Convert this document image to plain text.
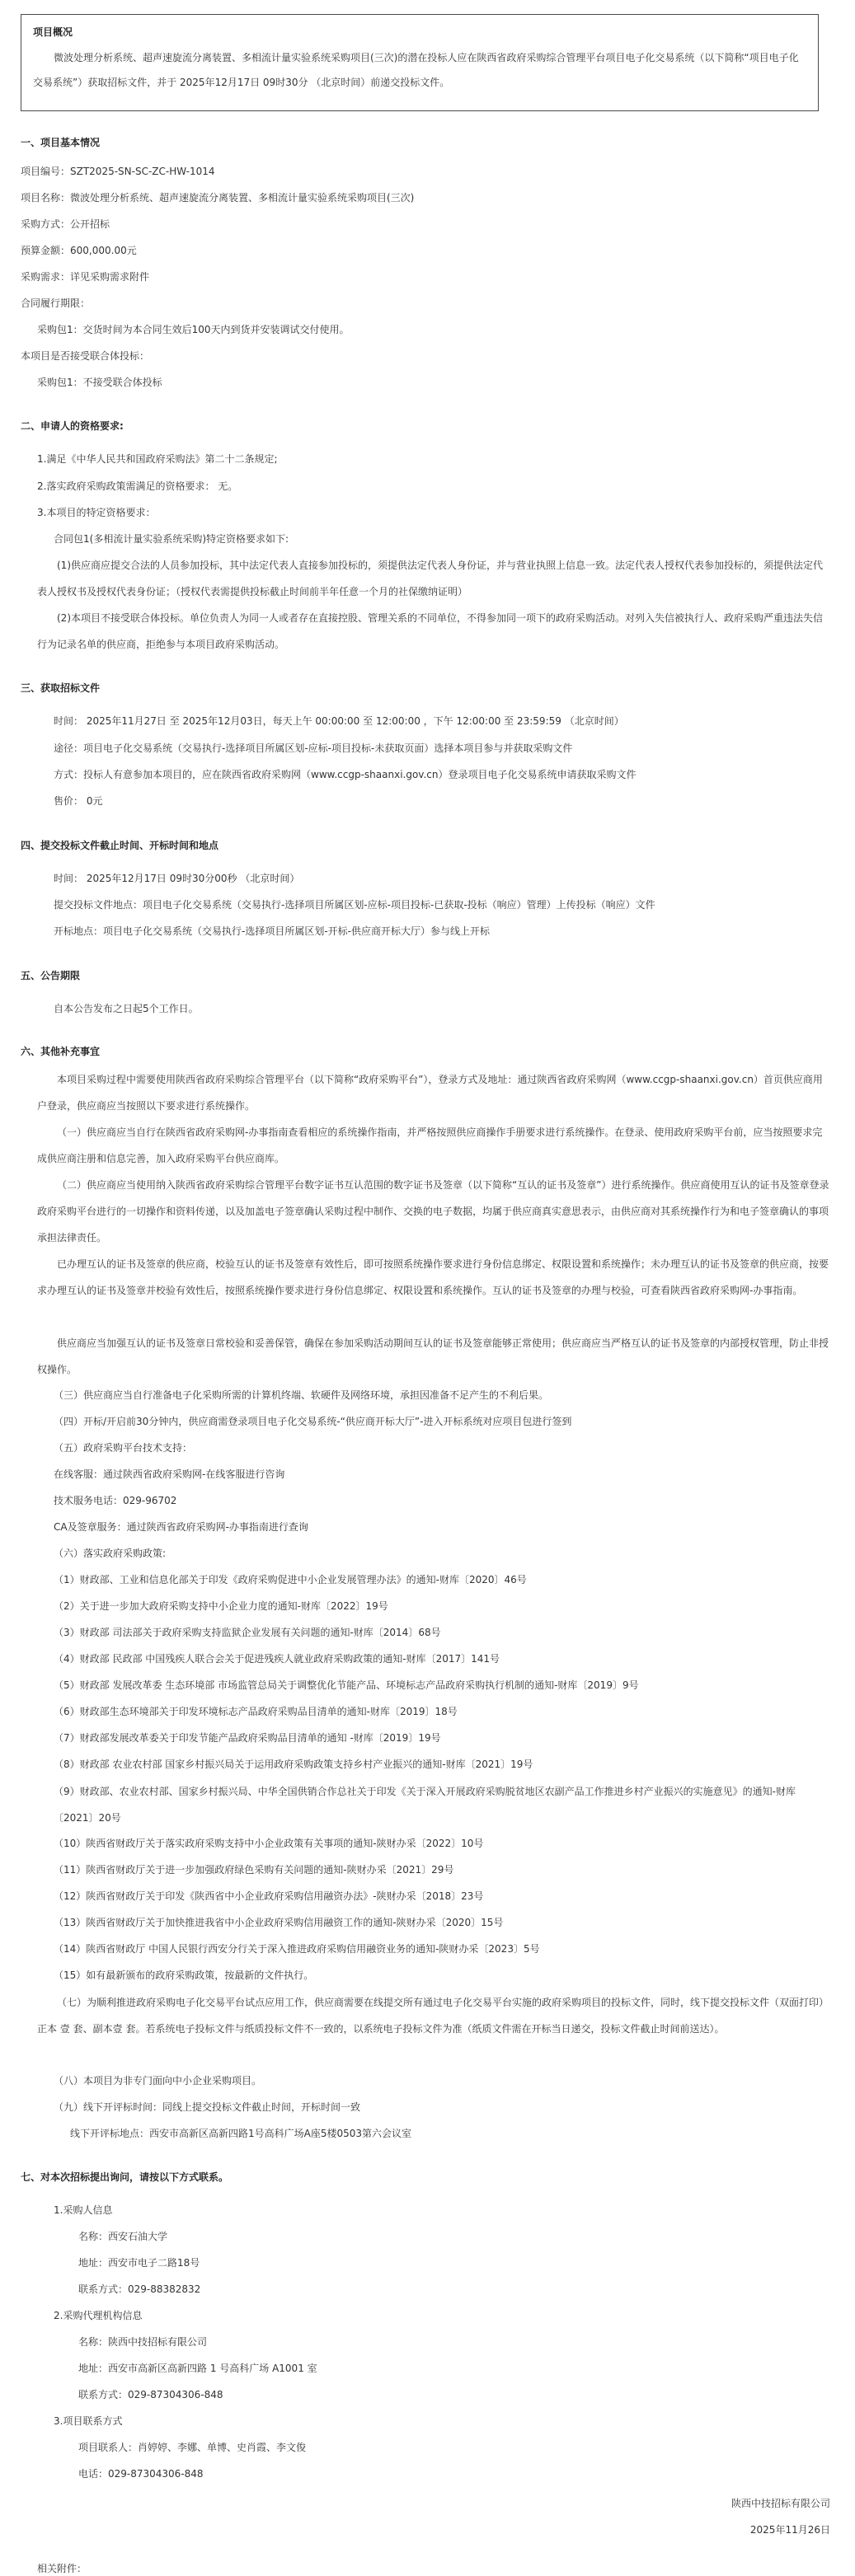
项目概况
微波处理分析系统、超声速旋流分离装置、多相流计量实验系统采购项目(三次)的潜在投标人应在陕西省政府采购综合管理平台项目电子化交易系统（以下简称“项目电子化交易系统”）获取招标文件，并于 2025年12月17日 09时30分 （北京时间）前递交投标文件。
一、项目基本情况
项目编号：SZT2025-SN-SC-ZC-HW-1014
项目名称：微波处理分析系统、超声速旋流分离装置、多相流计量实验系统采购项目(三次)
采购方式：公开招标
预算金额：600,000.00元
采购需求：详见采购需求附件
合同履行期限：
采购包1：交货时间为本合同生效后100天内到货并安装调试交付使用。
本项目是否接受联合体投标：
采购包1：不接受联合体投标
二、申请人的资格要求:
1.满足《中华人民共和国政府采购法》第二十二条规定;
2.落实政府采购政策需满足的资格要求： 无。
3.本项目的特定资格要求：
合同包1(多相流计量实验系统采购)特定资格要求如下:
(1)供应商应提交合法的人员参加投标，其中法定代表人直接参加投标的，须提供法定代表人身份证，并与营业执照上信息一致。法定代表人授权代表参加投标的，须提供法定代表人授权书及授权代表身份证；（授权代表需提供投标截止时间前半年任意一个月的社保缴纳证明）
(2)本项目不接受联合体投标。单位负责人为同一人或者存在直接控股、管理关系的不同单位，不得参加同一项下的政府采购活动。对列入失信被执行人、政府采购严重违法失信行为记录名单的供应商，拒绝参与本项目政府采购活动。
三、获取招标文件
时间： 2025年11月27日 至 2025年12月03日，每天上午 00:00:00 至 12:00:00 ，下午 12:00:00 至 23:59:59 （北京时间）
途径：项目电子化交易系统（交易执行-选择项目所属区划-应标-项目投标-未获取页面）选择本项目参与并获取采购文件
方式：投标人有意参加本项目的，应在陕西省政府采购网（www.ccgp-shaanxi.gov.cn）登录项目电子化交易系统申请获取采购文件
售价： 0元
四、提交投标文件截止时间、开标时间和地点
时间： 2025年12月17日 09时30分00秒 （北京时间）
提交投标文件地点：项目电子化交易系统（交易执行-选择项目所属区划-应标-项目投标-已获取-投标（响应）管理）上传投标（响应）文件
开标地点：项目电子化交易系统（交易执行-选择项目所属区划-开标-供应商开标大厅）参与线上开标
五、公告期限
自本公告发布之日起5个工作日。
六、其他补充事宜
本项目采购过程中需要使用陕西省政府采购综合管理平台（以下简称“政府采购平台”），登录方式及地址：通过陕西省政府采购网（www.ccgp-shaanxi.gov.cn）首页供应商用户登录，供应商应当按照以下要求进行系统操作。
（一）供应商应当自行在陕西省政府采购网-办事指南查看相应的系统操作指南，并严格按照供应商操作手册要求进行系统操作。在登录、使用政府采购平台前，应当按照要求完成供应商注册和信息完善，加入政府采购平台供应商库。
（二）供应商应当使用纳入陕西省政府采购综合管理平台数字证书互认范围的数字证书及签章（以下简称“互认的证书及签章”）进行系统操作。供应商使用互认的证书及签章登录政府采购平台进行的一切操作和资料传递，以及加盖电子签章确认采购过程中制作、交换的电子数据，均属于供应商真实意思表示，由供应商对其系统操作行为和电子签章确认的事项承担法律责任。
已办理互认的证书及签章的供应商，校验互认的证书及签章有效性后，即可按照系统操作要求进行身份信息绑定、权限设置和系统操作；未办理互认的证书及签章的供应商，按要求办理互认的证书及签章并校验有效性后，按照系统操作要求进行身份信息绑定、权限设置和系统操作。互认的证书及签章的办理与校验，可查看陕西省政府采购网-办事指南。
供应商应当加强互认的证书及签章日常校验和妥善保管，确保在参加采购活动期间互认的证书及签章能够正常使用；供应商应当严格互认的证书及签章的内部授权管理，防止非授权操作。
（三）供应商应当自行准备电子化采购所需的计算机终端、软硬件及网络环境，承担因准备不足产生的不利后果。
（四）开标/开启前30分钟内，供应商需登录项目电子化交易系统-“供应商开标大厅”-进入开标系统对应项目包进行签到
（五）政府采购平台技术支持：
在线客服：通过陕西省政府采购网-在线客服进行咨询
技术服务电话：029-96702
CA及签章服务：通过陕西省政府采购网-办事指南进行查询
（六）落实政府采购政策:
（1）财政部、工业和信息化部关于印发《政府采购促进中小企业发展管理办法》的通知-财库〔2020〕46号
（2）关于进一步加大政府采购支持中小企业力度的通知-财库〔2022〕19号
（3）财政部 司法部关于政府采购支持监狱企业发展有关问题的通知-财库〔2014〕68号
（4）财政部 民政部 中国残疾人联合会关于促进残疾人就业政府采购政策的通知-财库〔2017〕141号
（5）财政部 发展改革委 生态环境部 市场监管总局关于调整优化节能产品、环境标志产品政府采购执行机制的通知-财库〔2019〕9号
（6）财政部生态环境部关于印发环境标志产品政府采购品目清单的通知-财库〔2019〕18号
（7）财政部发展改革委关于印发节能产品政府采购品目清单的通知 -财库〔2019〕19号
（8）财政部 农业农村部 国家乡村振兴局关于运用政府采购政策支持乡村产业振兴的通知-财库〔2021〕19号
（9）财政部、农业农村部、国家乡村振兴局、中华全国供销合作总社关于印发《关于深入开展政府采购脱贫地区农副产品工作推进乡村产业振兴的实施意见》的通知-财库〔2021〕20号
（10）陕西省财政厅关于落实政府采购支持中小企业政策有关事项的通知-陕财办采〔2022〕10号
（11）陕西省财政厅关于进一步加强政府绿色采购有关问题的通知-陕财办采〔2021〕29号
（12）陕西省财政厅关于印发《陕西省中小企业政府采购信用融资办法》-陕财办采〔2018〕23号
（13）陕西省财政厅关于加快推进我省中小企业政府采购信用融资工作的通知-陕财办采〔2020〕15号
（14）陕西省财政厅 中国人民银行西安分行关于深入推进政府采购信用融资业务的通知-陕财办采〔2023〕5号
（15）如有最新颁布的政府采购政策，按最新的文件执行。
（七）为顺利推进政府采购电子化交易平台试点应用工作，供应商需要在线提交所有通过电子化交易平台实施的政府采购项目的投标文件，同时，线下提交投标文件（双面打印）正本 壹 套、副本壹 套。若系统电子投标文件与纸质投标文件不一致的，以系统电子投标文件为准（纸质文件需在开标当日递交，投标文件截止时间前送达）。
（八）本项目为非专门面向中小企业采购项目。
（九）线下开评标时间：同线上提交投标文件截止时间，开标时间一致
线下开评标地点：西安市高新区高新四路1号高科广场A座5楼0503第六会议室
七、对本次招标提出询问，请按以下方式联系。
1.采购人信息
名称：西安石油大学
地址：西安市电子二路18号
联系方式：029-88382832
2.采购代理机构信息
名称：陕西中技招标有限公司
地址：西安市高新区高新四路 1 号高科广场 A1001 室
联系方式：029-87304306-848
3.项目联系方式
项目联系人：肖婷婷、李娜、单博、史肖霞、李文俊
电话：029-87304306-848
陕西中技招标有限公司
2025年11月26日
相关附件：
